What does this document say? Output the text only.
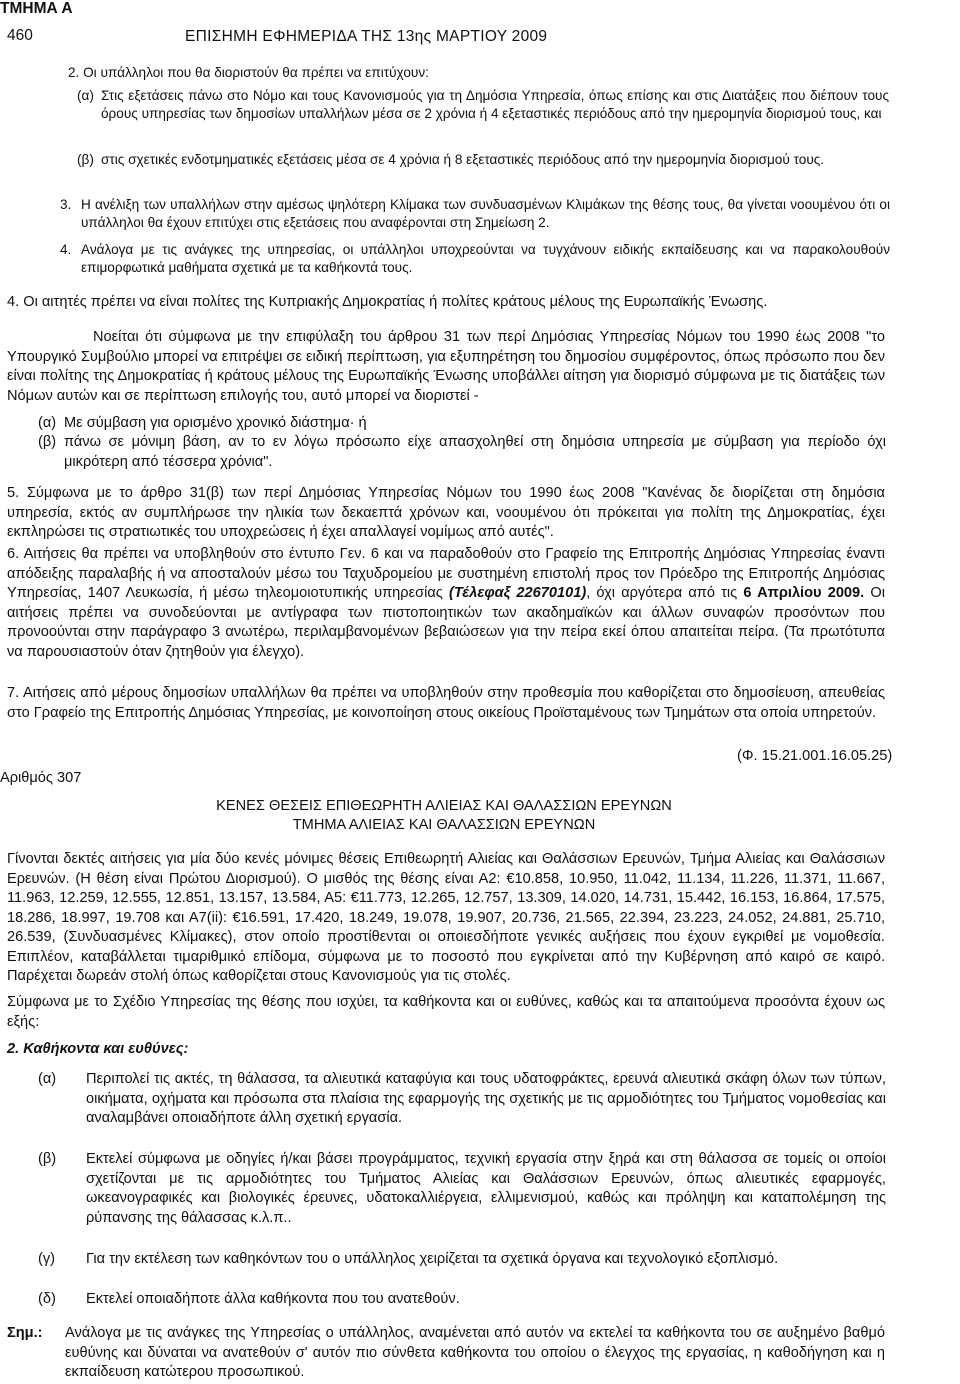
ΤΜΗΜΑ Α
460	ΕΠΙΣΗΜΗ ΕΦΗΜΕΡΙΔΑ ΤΗΣ 13ης ΜΑΡΤΙΟΥ 2009
2. Οι υπάλληλοι που θα διοριστούν θα πρέπει να επιτύχουν:
(α) Στις εξετάσεις πάνω στο Νόμο και τους Κανονισμούς για τη Δημόσια Υπηρεσία, όπως επίσης και στις Διατάξεις που διέπουν τους όρους υπηρεσίας των δημοσίων υπαλλήλων μέσα σε 2 χρόνια ή 4 εξεταστικές περιόδους από την ημερομηνία διορισμού τους, και
(β) στις σχετικές ενδοτμηματικές εξετάσεις μέσα σε 4 χρόνια ή 8 εξεταστικές περιόδους από την ημερομηνία διορισμού τους.
3. Η ανέλιξη των υπαλλήλων στην αμέσως ψηλότερη Κλίμακα των συνδυασμένων Κλιμάκων της θέσης τους, θα γίνεται νοουμένου ότι οι υπάλληλοι θα έχουν επιτύχει στις εξετάσεις που αναφέρονται στη Σημείωση 2.
4. Ανάλογα με τις ανάγκες της υπηρεσίας, οι υπάλληλοι υποχρεούνται να τυγχάνουν ειδικής εκπαίδευσης και να παρακολουθούν επιμορφωτικά μαθήματα σχετικά με τα καθήκοντά τους.
4. Οι αιτητές πρέπει να είναι πολίτες της Κυπριακής Δημοκρατίας ή πολίτες κράτους μέλους της Ευρωπαϊκής Ένωσης.
Νοείται ότι σύμφωνα με την επιφύλαξη του άρθρου 31 των περί Δημόσιας Υπηρεσίας Νόμων του 1990 έως 2008 "το Υπουργικό Συμβούλιο μπορεί να επιτρέψει σε ειδική περίπτωση, για εξυπηρέτηση του δημοσίου συμφέροντος, όπως πρόσωπο που δεν είναι πολίτης της Δημοκρατίας ή κράτους μέλους της Ευρωπαϊκής Ένωσης υποβάλλει αίτηση για διορισμό σύμφωνα με τις διατάξεις των Νόμων αυτών και σε περίπτωση επιλογής του, αυτό μπορεί να διοριστεί -
(α) Με σύμβαση για ορισμένο χρονικό διάστημα· ή
(β) πάνω σε μόνιμη βάση, αν το εν λόγω πρόσωπο είχε απασχοληθεί στη δημόσια υπηρεσία με σύμβαση για περίοδο όχι μικρότερη από τέσσερα χρόνια".
5. Σύμφωνα με το άρθρο 31(β) των περί Δημόσιας Υπηρεσίας Νόμων του 1990 έως 2008 "Κανένας δε διορίζεται στη δημόσια υπηρεσία, εκτός αν συμπλήρωσε την ηλικία των δεκαεπτά χρόνων και, νοουμένου ότι πρόκειται για πολίτη της Δημοκρατίας, έχει εκπληρώσει τις στρατιωτικές του υποχρεώσεις ή έχει απαλλαγεί νομίμως από αυτές".
6. Αιτήσεις θα πρέπει να υποβληθούν στο έντυπο Γεν. 6 και να παραδοθούν στο Γραφείο της Επιτροπής Δημόσιας Υπηρεσίας έναντι απόδειξης παραλαβής ή να αποσταλούν μέσω του Ταχυδρομείου με συστημένη επιστολή προς τον Πρόεδρο της Επιτροπής Δημόσιας Υπηρεσίας, 1407 Λευκωσία, ή μέσω τηλεομοιοτυπικής υπηρεσίας (Τέλεφαξ 22670101), όχι αργότερα από τις 6 Απριλίου 2009. Οι αιτήσεις πρέπει να συνοδεύονται με αντίγραφα των πιστοποιητικών των ακαδημαϊκών και άλλων συναφών προσόντων που προνοούνται στην παράγραφο 3 ανωτέρω, περιλαμβανομένων βεβαιώσεων για την πείρα εκεί όπου απαιτείται πείρα. (Τα πρωτότυπα να παρουσιαστούν όταν ζητηθούν για έλεγχο).
7. Αιτήσεις από μέρους δημοσίων υπαλλήλων θα πρέπει να υποβληθούν στην προθεσμία που καθορίζεται στο δημοσίευση, απευθείας στο Γραφείο της Επιτροπής Δημόσιας Υπηρεσίας, με κοινοποίηση στους οικείους Προϊσταμένους των Τμημάτων στα οποία υπηρετούν.
(Φ. 15.21.001.16.05.25)
Αριθμός 307
ΚΕΝΕΣ ΘΕΣΕΙΣ ΕΠΙΘΕΩΡΗΤΗ ΑΛΙΕΙΑΣ ΚΑΙ ΘΑΛΑΣΣΙΩΝ ΕΡΕΥΝΩΝ
ΤΜΗΜΑ ΑΛΙΕΙΑΣ ΚΑΙ ΘΑΛΑΣΣΙΩΝ ΕΡΕΥΝΩΝ
Γίνονται δεκτές αιτήσεις για μία δύο κενές μόνιμες θέσεις Επιθεωρητή Αλιείας και Θαλάσσιων Ερευνών, Τμήμα Αλιείας και Θαλάσσιων Ερευνών. (Η θέση είναι Πρώτου Διορισμού). Ο μισθός της θέσης είναι Α2: €10.858, 10.950, 11.042, 11.134, 11.226, 11.371, 11.667, 11.963, 12.259, 12.555, 12.851, 13.157, 13.584, Α5: €11.773, 12.265, 12.757, 13.309, 14.020, 14.731, 15.442, 16.153, 16.864, 17.575, 18.286, 18.997, 19.708 και Α7(ii): €16.591, 17.420, 18.249, 19.078, 19.907, 20.736, 21.565, 22.394, 23.223, 24.052, 24.881, 25.710, 26.539, (Συνδυασμένες Κλίμακες), στον οποίο προστίθενται οι οποιεσδήποτε γενικές αυξήσεις που έχουν εγκριθεί με νομοθεσία. Επιπλέον, καταβάλλεται τιμαριθμικό επίδομα, σύμφωνα με το ποσοστό που εγκρίνεται από την Κυβέρνηση από καιρό σε καιρό. Παρέχεται δωρεάν στολή όπως καθορίζεται στους Κανονισμούς για τις στολές.
Σύμφωνα με το Σχέδιο Υπηρεσίας της θέσης που ισχύει, τα καθήκοντα και οι ευθύνες, καθώς και τα απαιτούμενα προσόντα έχουν ως εξής:
2. Καθήκοντα και ευθύνες:
(α) Περιπολεί τις ακτές, τη θάλασσα, τα αλιευτικά καταφύγια και τους υδατοφράκτες, ερευνά αλιευτικά σκάφη όλων των τύπων, οικήματα, οχήματα και πρόσωπα στα πλαίσια της εφαρμογής της σχετικής με τις αρμοδιότητες του Τμήματος νομοθεσίας και αναλαμβάνει οποιαδήποτε άλλη σχετική εργασία.
(β) Εκτελεί σύμφωνα με οδηγίες ή/και βάσει προγράμματος, τεχνική εργασία στην ξηρά και στη θάλασσα σε τομείς οι οποίοι σχετίζονται με τις αρμοδιότητες του Τμήματος Αλιείας και Θαλάσσιων Ερευνών, όπως αλιευτικές εφαρμογές, ωκεανογραφικές και βιολογικές έρευνες, υδατοκαλλιέργεια, ελλιμενισμού, καθώς και πρόληψη και καταπολέμηση της ρύπανσης της θάλασσας κ.λ.π..
(γ) Για την εκτέλεση των καθηκόντων του ο υπάλληλος χειρίζεται τα σχετικά όργανα και τεχνολογικό εξοπλισμό.
(δ) Εκτελεί οποιαδήποτε άλλα καθήκοντα που του ανατεθούν.
Σημ.: Ανάλογα με τις ανάγκες της Υπηρεσίας ο υπάλληλος, αναμένεται από αυτόν να εκτελεί τα καθήκοντα του σε αυξημένο βαθμό ευθύνης και δύναται να ανατεθούν σ' αυτόν πιο σύνθετα καθήκοντα του οποίου ο έλεγχος της εργασίας, η καθοδήγηση και η εκπαίδευση κατώτερου προσωπικού.
